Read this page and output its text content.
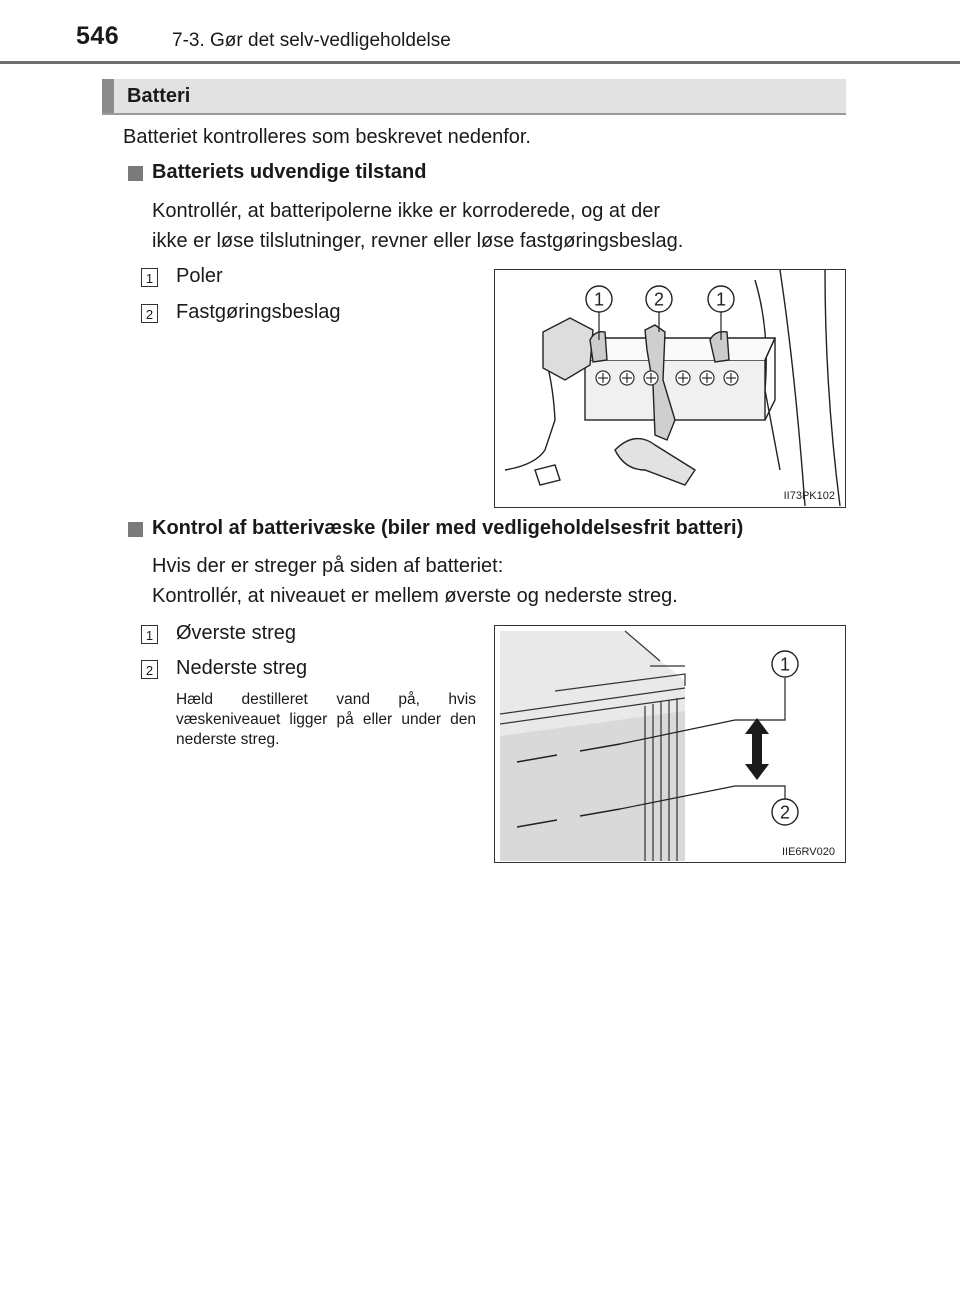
546	7-3. Gør det selv-vedligeholdelse
Batteri
Batteriet kontrolleres som beskrevet nedenfor.
Batteriets udvendige tilstand
Kontrollér, at batteripolerne ikke er korroderede, og at der
ikke er løse tilslutninger, revner eller løse fastgøringsbeslag.
1 Poler
2 Fastgøringsbeslag
1	2	1
II73PK102
Kontrol af batterivæske (biler med vedligeholdelsesfrit batteri)
Hvis der er streger på siden af batteriet:
Kontrollér, at niveauet er mellem øverste og nederste streg.
1 Øverste streg
2 Nederste streg
Hæld destilleret vand på, hvis væskeniveauet ligger på eller under den nederste streg.
1
2
IIE6RV020
